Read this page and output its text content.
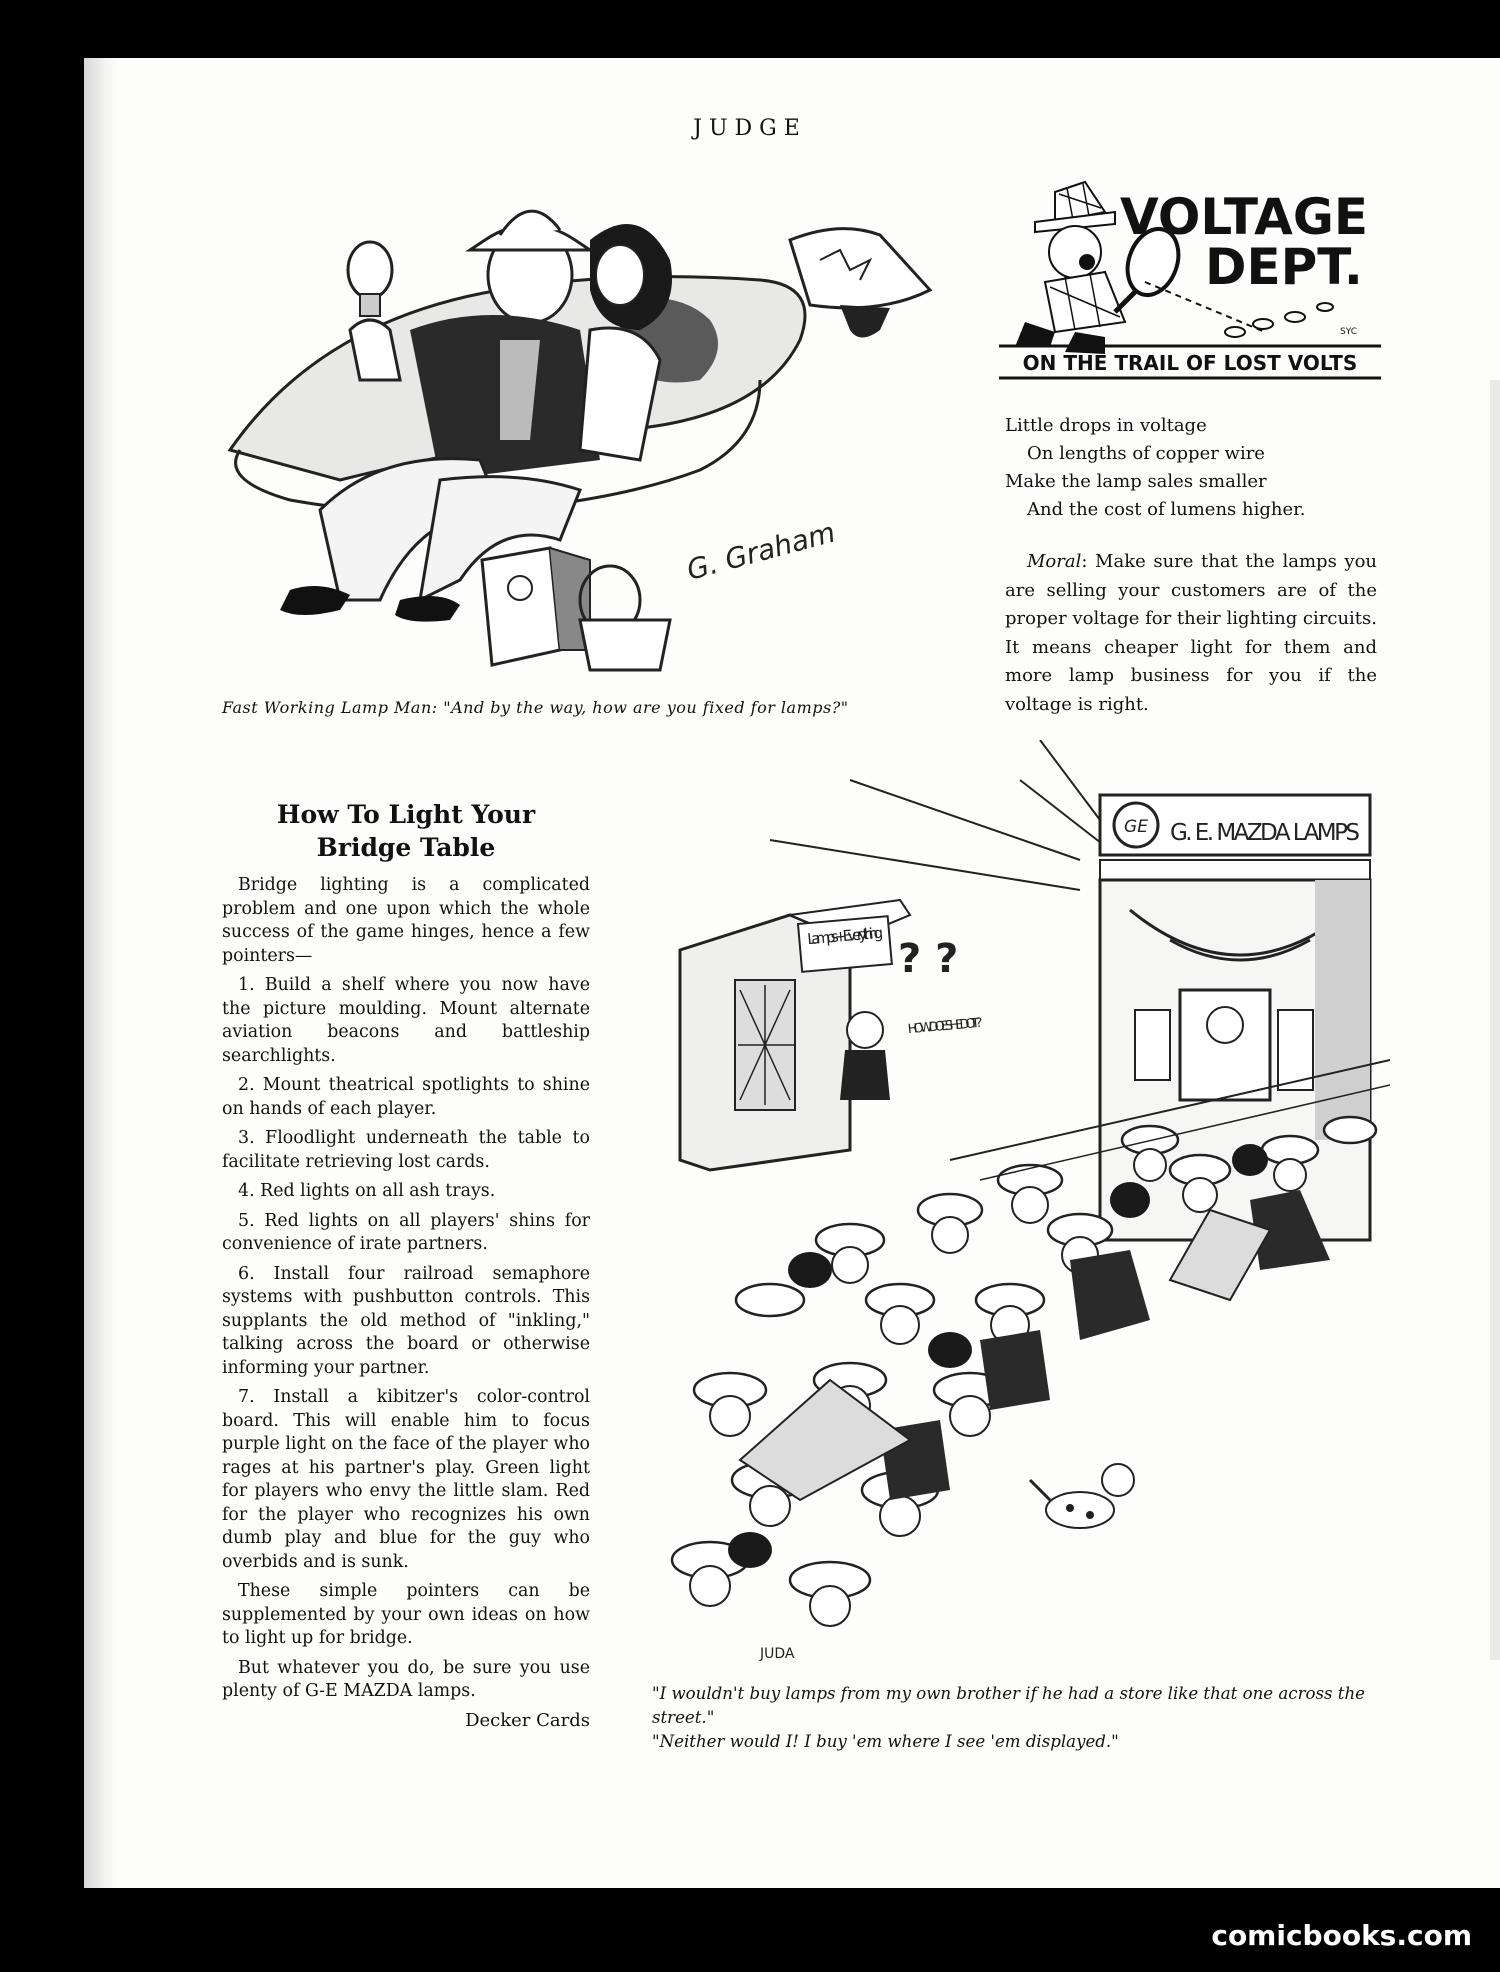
JUDGE
G. Graham
Fast Working Lamp Man: "And by the way, how are you fixed for lamps?"
VOLTAGE
DEPT.
SYC
ON THE TRAIL OF LOST VOLTS

Little drops in voltage

On lengths of copper wire

Make the lamp sales smaller

And the cost of lumens higher.

Moral: Make sure that the lamps you are selling your customers are of the proper voltage for their lighting circuits. It means cheaper light for them and more lamp business for you if the voltage is right.

How To Light Your Bridge Table

Bridge lighting is a complicated problem and one upon which the whole success of the game hinges, hence a few pointers—

1. Build a shelf where you now have the picture moulding. Mount alternate aviation beacons and battleship searchlights.

2. Mount theatrical spotlights to shine on hands of each player.

3. Floodlight underneath the table to facilitate retrieving lost cards.

4. Red lights on all ash trays.

5. Red lights on all players' shins for convenience of irate partners.

6. Install four railroad semaphore systems with pushbutton controls. This supplants the old method of "inkling," talking across the board or otherwise informing your partner.

7. Install a kibitzer's color-control board. This will enable him to focus purple light on the face of the player who rages at his partner's play. Green light for players who envy the little slam. Red for the player who recognizes his own dumb play and blue for the guy who overbids and is sunk.

These simple pointers can be supplemented by your own ideas on how to light up for bridge.

But whatever you do, be sure you use plenty of G-E MAZDA lamps.

Decker Cards
GE G. E. MAZDA LAMPS
Lamps + Everything
? ?
HOW DOES HE DO IT?
JUDA

"I wouldn't buy lamps from my own brother if he had a store like that one across the street."

"Neither would I! I buy 'em where I see 'em displayed."

comicbooks.com
